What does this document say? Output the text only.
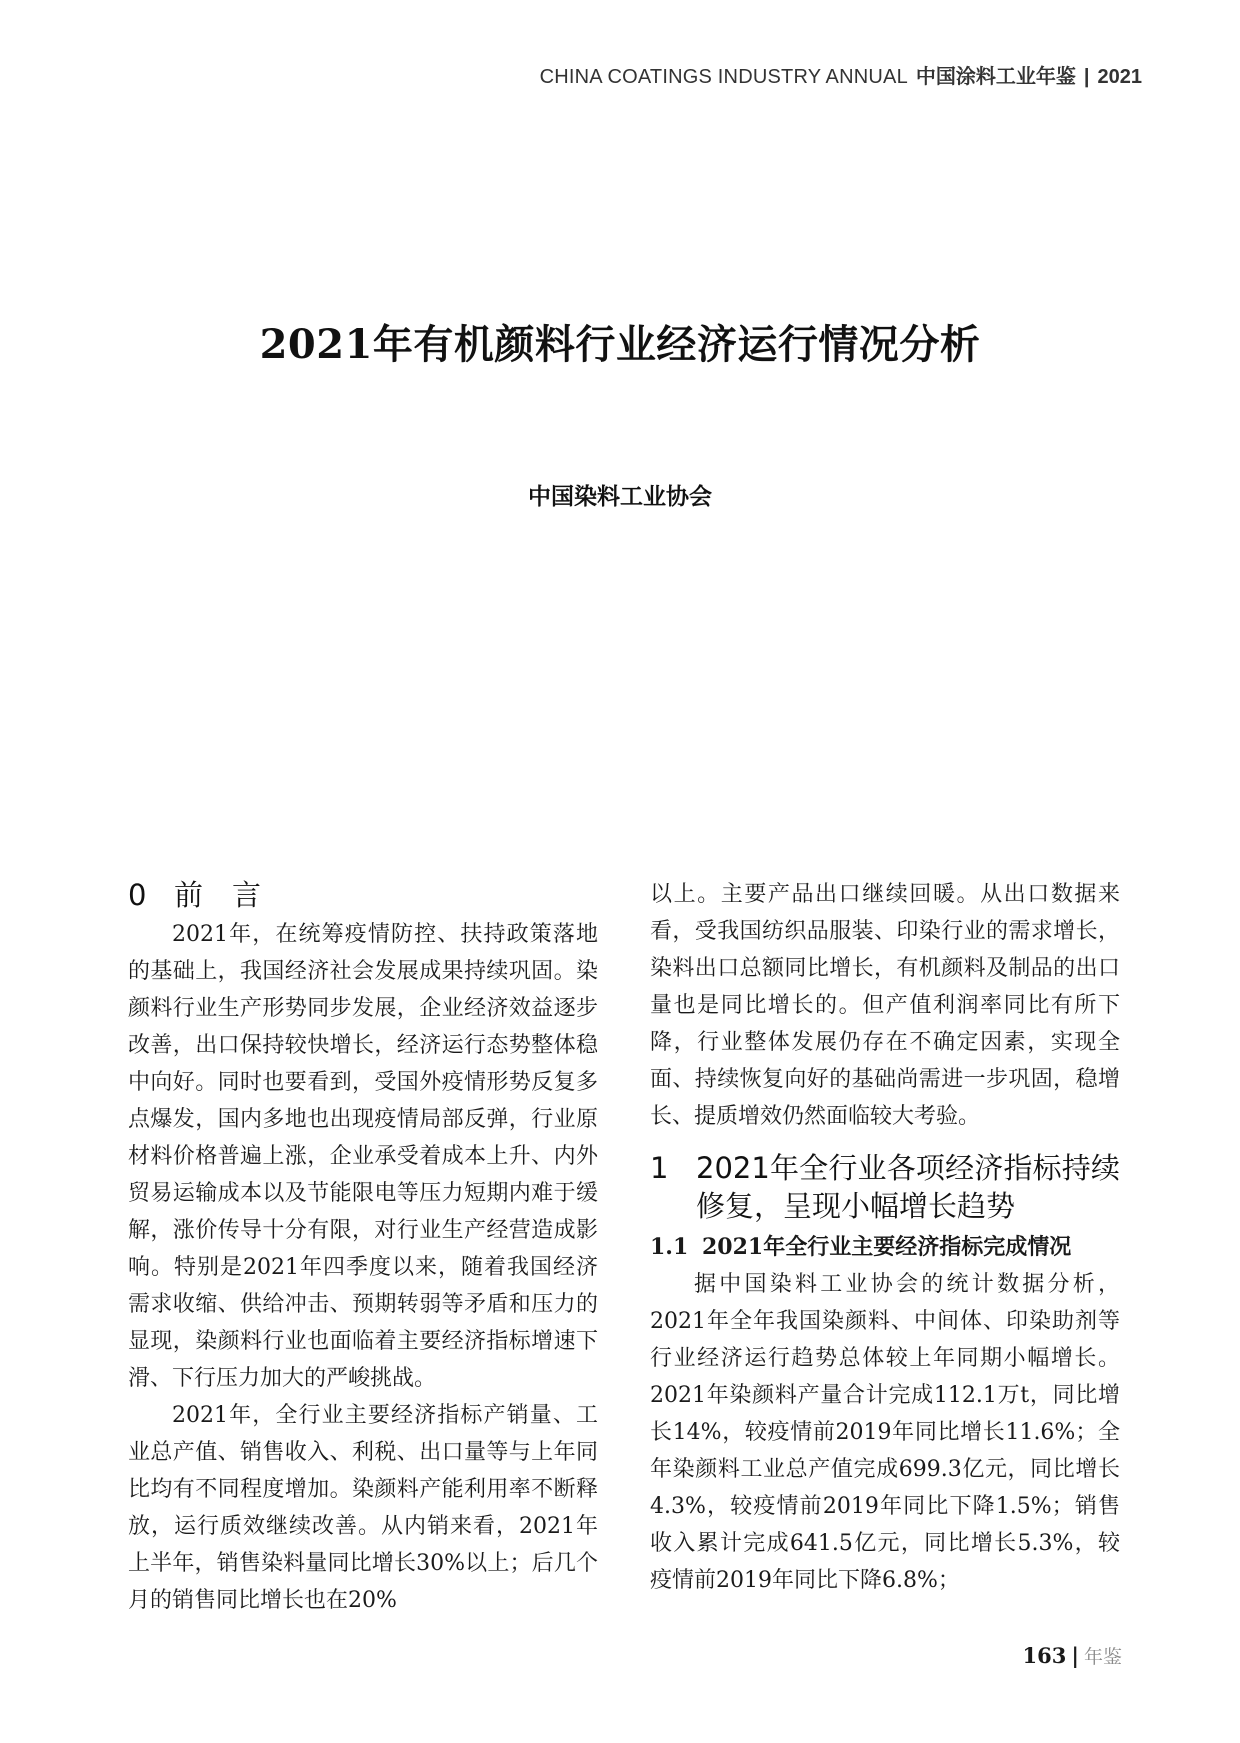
CHINA COATINGS INDUSTRY ANNUAL 中国涂料工业年鉴 | 2021
2021年有机颜料行业经济运行情况分析
中国染料工业协会
0 前　言

2021年，在统筹疫情防控、扶持政策落地的基础上，我国经济社会发展成果持续巩固。染颜料行业生产形势同步发展，企业经济效益逐步改善，出口保持较快增长，经济运行态势整体稳中向好。同时也要看到，受国外疫情形势反复多点爆发，国内多地也出现疫情局部反弹，行业原材料价格普遍上涨，企业承受着成本上升、内外贸易运输成本以及节能限电等压力短期内难于缓解，涨价传导十分有限，对行业生产经营造成影响。特别是2021年四季度以来，随着我国经济需求收缩、供给冲击、预期转弱等矛盾和压力的显现，染颜料行业也面临着主要经济指标增速下滑、下行压力加大的严峻挑战。

2021年，全行业主要经济指标产销量、工业总产值、销售收入、利税、出口量等与上年同比均有不同程度增加。染颜料产能利用率不断释放，运行质效继续改善。从内销来看，2021年上半年，销售染料量同比增长30%以上；后几个月的销售同比增长也在20%

以上。主要产品出口继续回暖。从出口数据来看，受我国纺织品服装、印染行业的需求增长，染料出口总额同比增长，有机颜料及制品的出口量也是同比增长的。但产值利润率同比有所下降，行业整体发展仍存在不确定因素，实现全面、持续恢复向好的基础尚需进一步巩固，稳增长、提质增效仍然面临较大考验。

1 2021年全行业各项经济指标持续修复，呈现小幅增长趋势
1.1 2021年全行业主要经济指标完成情况

据中国染料工业协会的统计数据分析，2021年全年我国染颜料、中间体、印染助剂等行业经济运行趋势总体较上年同期小幅增长。2021年染颜料产量合计完成112.1万t，同比增长14%，较疫情前2019年同比增长11.6%；全年染颜料工业总产值完成699.3亿元，同比增长4.3%，较疫情前2019年同比下降1.5%；销售收入累计完成641.5亿元，同比增长5.3%，较疫情前2019年同比下降6.8%；

163 | 年鉴
